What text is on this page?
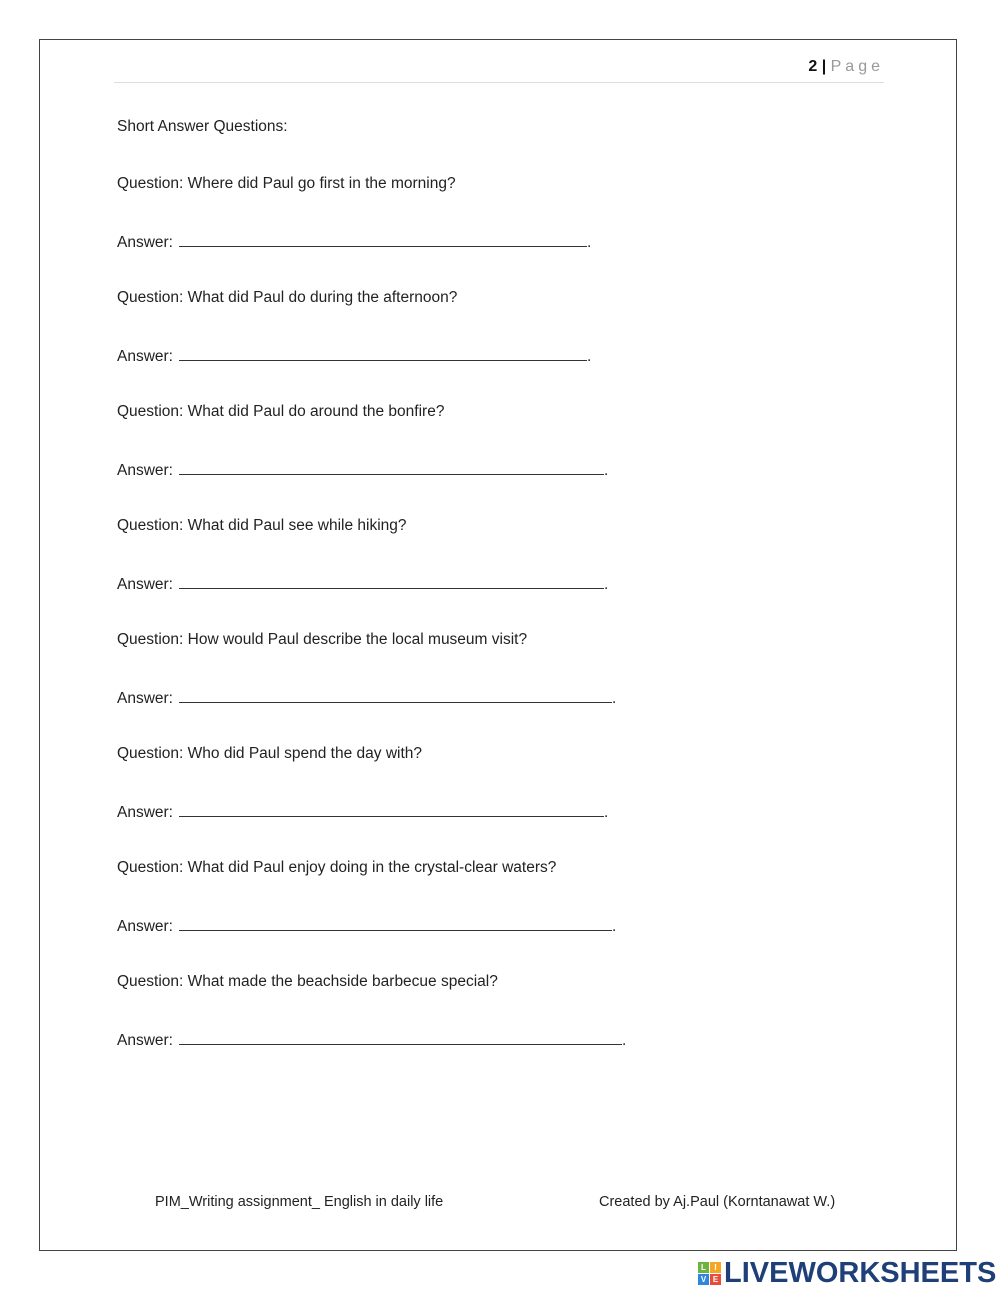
2 | Page
Short Answer Questions:
Question: Where did Paul go first in the morning?
Answer:	.
Question: What did Paul do during the afternoon?
Answer:	.
Question: What did Paul do around the bonfire?
Answer:	.
Question: What did Paul see while hiking?
Answer:	.
Question: How would Paul describe the local museum visit?
Answer:	.
Question: Who did Paul spend the day with?
Answer:	.
Question: What did Paul enjoy doing in the crystal-clear waters?
Answer:	.
Question: What made the beachside barbecue special?
Answer:	.
PIM_Writing assignment_ English in daily life	Created by Aj.Paul (Korntanawat W.)
L	I
V E LIVEWORKSHEETS
